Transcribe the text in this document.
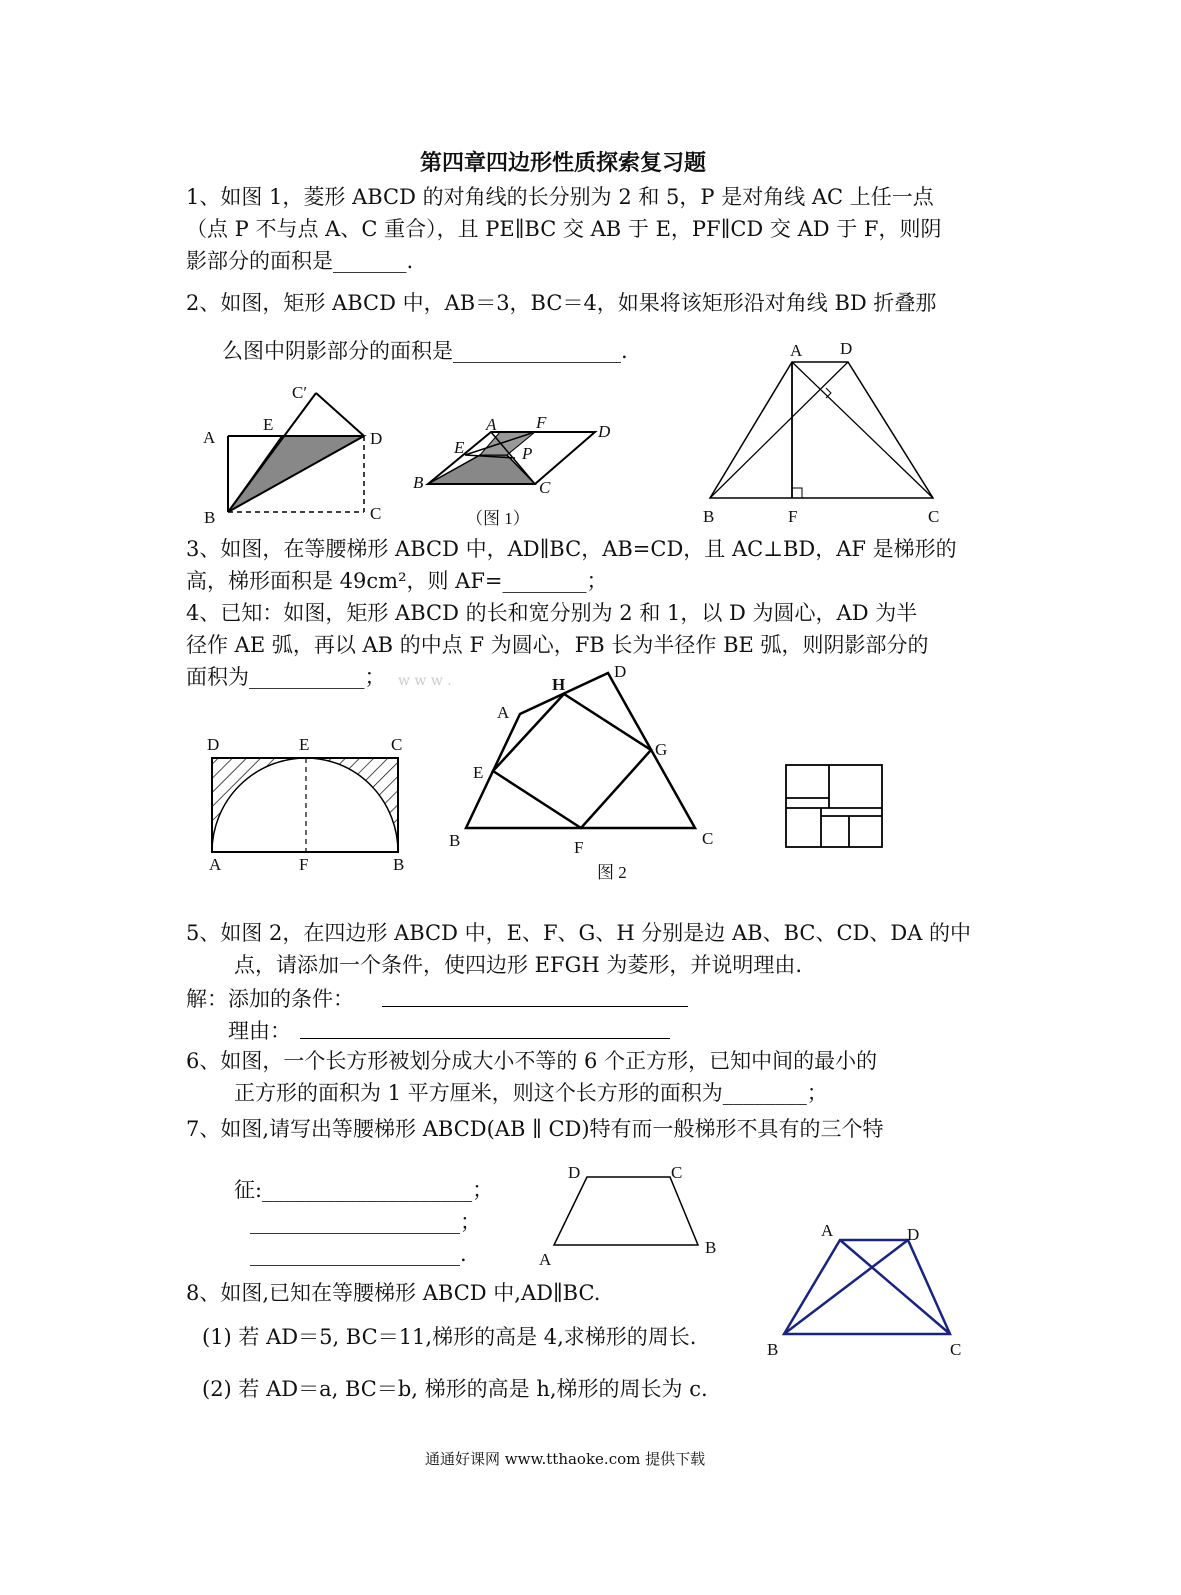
第四章四边形性质探索复习题
1、如图 1，菱形 ABCD 的对角线的长分别为 2 和 5，P 是对角线 AC 上任一点
（点 P 不与点 A、C 重合），且 PE∥BC 交 AB 于 E，PF∥CD 交 AD 于 F，则阴
影部分的面积是_______.
2、如图，矩形 ABCD 中，AB＝3，BC＝4，如果将该矩形沿对角线 BD 折叠那
么图中阴影部分的面积是________________.
C′
A
E
D
B	C
A F	D
E	P
B	C
（图 1）
A D
B	F	C
3、如图，在等腰梯形 ABCD 中，AD∥BC，AB=CD，且 AC⊥BD，AF 是梯形的
高，梯形面积是 49cm²，则 AF=________；
4、已知：如图，矩形 ABCD 的长和宽分别为 2 和 1，以 D 为圆心，AD 为半
径作 AE 弧，再以 AB 的中点 F 为圆心，FB 长为半径作 BE 弧，则阴影部分的
面积为___________； w w w .
D	E	C
A	F	B
H
D
A
G
E
B	F	C
图 2
5、如图 2，在四边形 ABCD 中，E、F、G、H 分别是边 AB、BC、CD、DA 的中
点，请添加一个条件，使四边形 EFGH 为菱形，并说明理由.
解：添加的条件：
理由：
6、如图，一个长方形被划分成大小不等的 6 个正方形，已知中间的最小的
正方形的面积为 1 平方厘米，则这个长方形的面积为________；
7、如图,请写出等腰梯形 ABCD(AB ∥ CD)特有而一般梯形不具有的三个特
征:____________________；
____________________；
____________________.
D	C
A
B
A	D
B	C
8、如图,已知在等腰梯形 ABCD 中,AD∥BC.
(1) 若 AD＝5, BC＝11,梯形的高是 4,求梯形的周长.
(2) 若 AD＝a, BC＝b, 梯形的高是 h,梯形的周长为 c.
通通好课网 www.tthaoke.com 提供下载
